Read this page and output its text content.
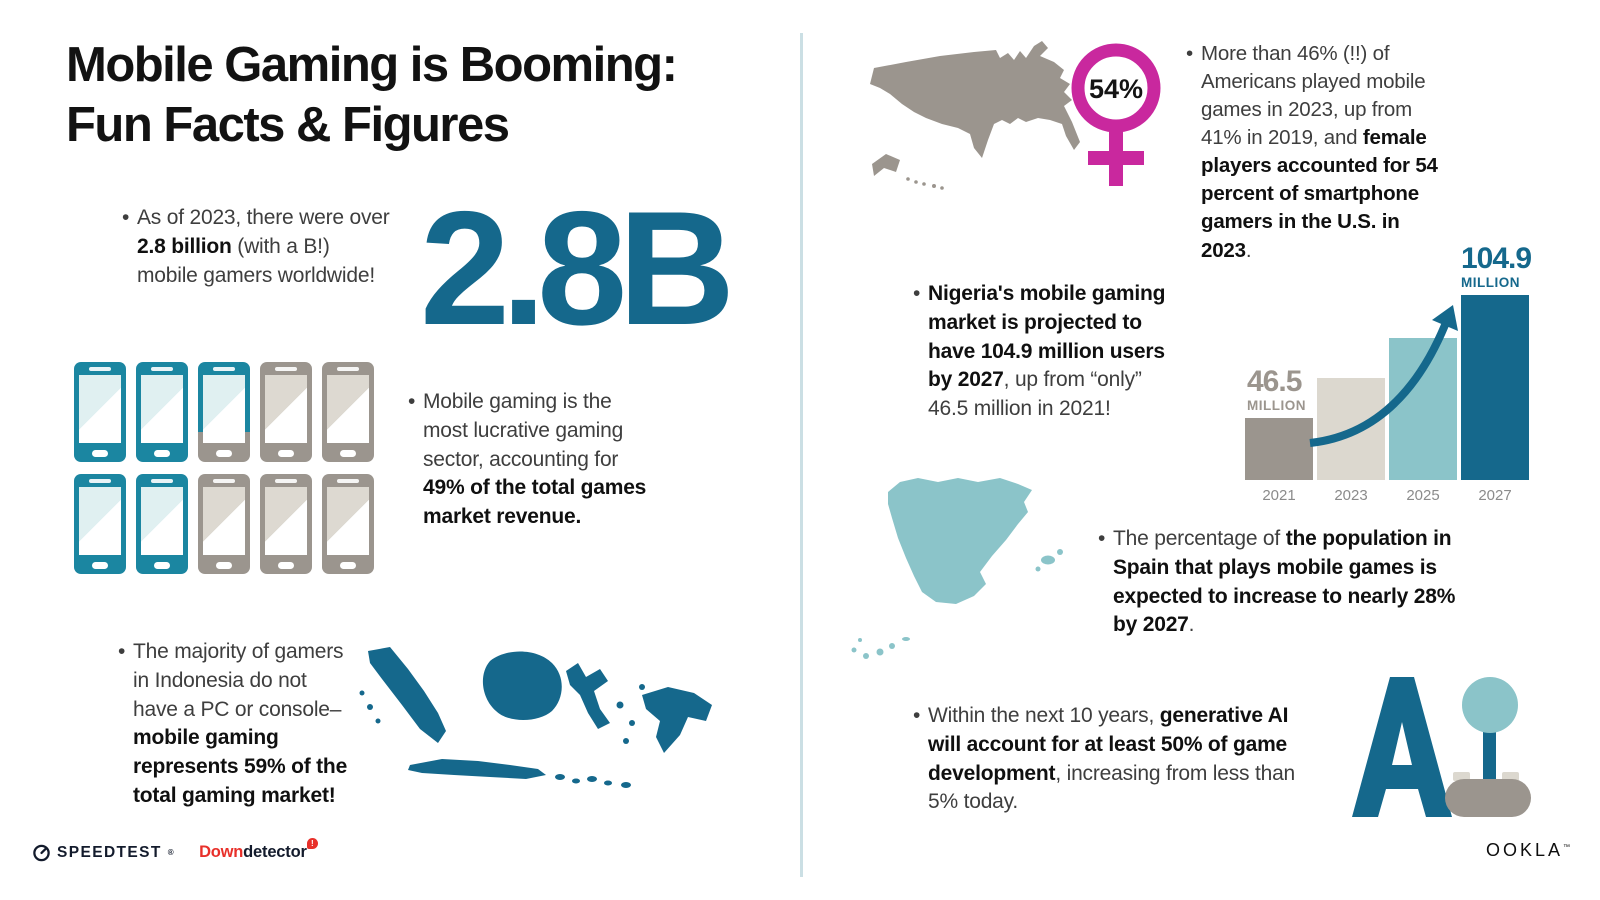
Mobile Gaming is Booming:
Fun Facts & Figures
• As of 2023, there were over 2.8 billion (with a B!) mobile gamers worldwide! 2.8B
• Mobile gaming is the most lucrative gaming sector, accounting for 49% of the total games market revenue.
• The majority of gamers in Indonesia do not have a PC or console–mobile gaming represents 59% of the total gaming market!
54%
• More than 46% (!!) of Americans played mobile games in 2023, up from 41% in 2019, and female players accounted for 54 percent of smartphone gamers in the U.S. in 2023.
• Nigeria's mobile gaming market is projected to have 104.9 million users by 2027, up from “only” 46.5 million in 2021!
2021	2023	2025	2027
46.5
MILLION
104.9
MILLION
• The percentage of the population in Spain that plays mobile games is expected to increase to nearly 28% by 2027.
• Within the next 10 years, generative AI will account for at least 50% of game development, increasing from less than 5% today.
SPEEDTEST ® Downdetector !	OOKLA™
